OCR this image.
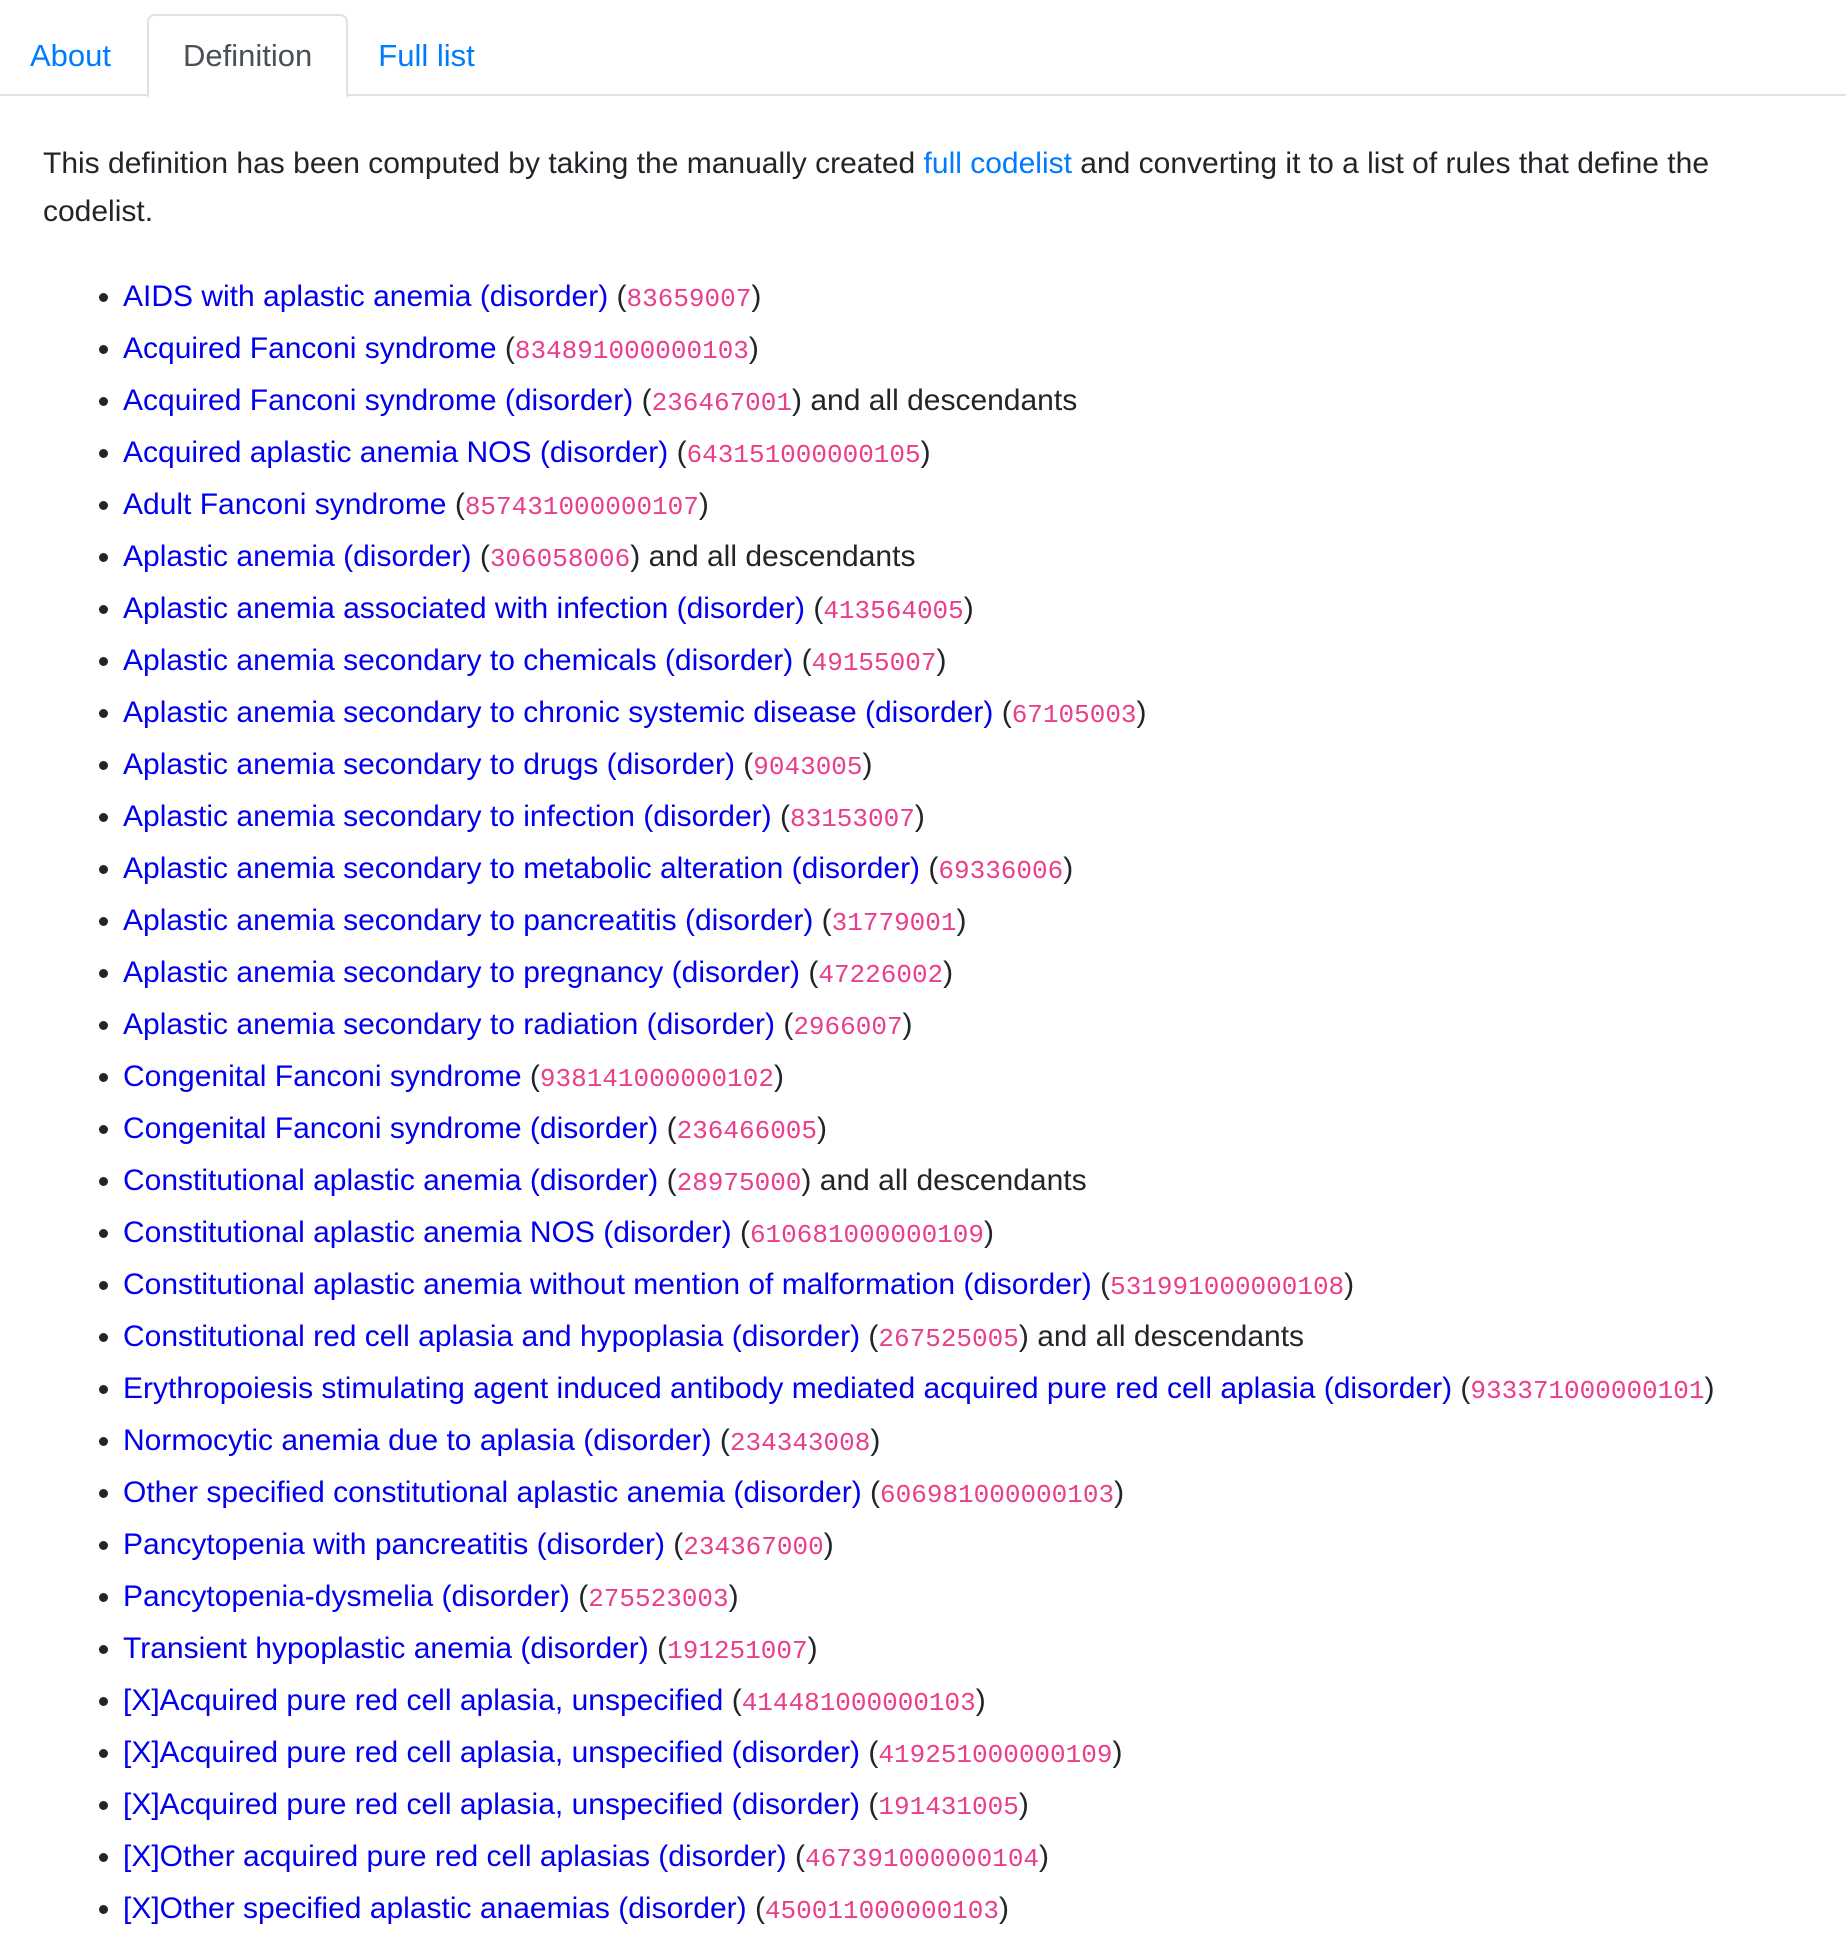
About	Definition	Full list

This definition has been computed by taking the manually created full codelist and converting it to a list of rules that define the codelist.

• AIDS with aplastic anemia (disorder) (83659007)
• Acquired Fanconi syndrome (834891000000103)
• Acquired Fanconi syndrome (disorder) (236467001) and all descendants
• Acquired aplastic anemia NOS (disorder) (643151000000105)
• Adult Fanconi syndrome (857431000000107)
• Aplastic anemia (disorder) (306058006) and all descendants
• Aplastic anemia associated with infection (disorder) (413564005)
• Aplastic anemia secondary to chemicals (disorder) (49155007)
• Aplastic anemia secondary to chronic systemic disease (disorder) (67105003)
• Aplastic anemia secondary to drugs (disorder) (9043005)
• Aplastic anemia secondary to infection (disorder) (83153007)
• Aplastic anemia secondary to metabolic alteration (disorder) (69336006)
• Aplastic anemia secondary to pancreatitis (disorder) (31779001)
• Aplastic anemia secondary to pregnancy (disorder) (47226002)
• Aplastic anemia secondary to radiation (disorder) (2966007)
• Congenital Fanconi syndrome (938141000000102)
• Congenital Fanconi syndrome (disorder) (236466005)
• Constitutional aplastic anemia (disorder) (28975000) and all descendants
• Constitutional aplastic anemia NOS (disorder) (610681000000109)
• Constitutional aplastic anemia without mention of malformation (disorder) (531991000000108)
• Constitutional red cell aplasia and hypoplasia (disorder) (267525005) and all descendants
• Erythropoiesis stimulating agent induced antibody mediated acquired pure red cell aplasia (disorder) (933371000000101)
• Normocytic anemia due to aplasia (disorder) (234343008)
• Other specified constitutional aplastic anemia (disorder) (606981000000103)
• Pancytopenia with pancreatitis (disorder) (234367000)
• Pancytopenia-dysmelia (disorder) (275523003)
• Transient hypoplastic anemia (disorder) (191251007)
• [X]Acquired pure red cell aplasia, unspecified (414481000000103)
• [X]Acquired pure red cell aplasia, unspecified (disorder) (419251000000109)
• [X]Acquired pure red cell aplasia, unspecified (disorder) (191431005)
• [X]Other acquired pure red cell aplasias (disorder) (467391000000104)
• [X]Other specified aplastic anaemias (disorder) (450011000000103)
